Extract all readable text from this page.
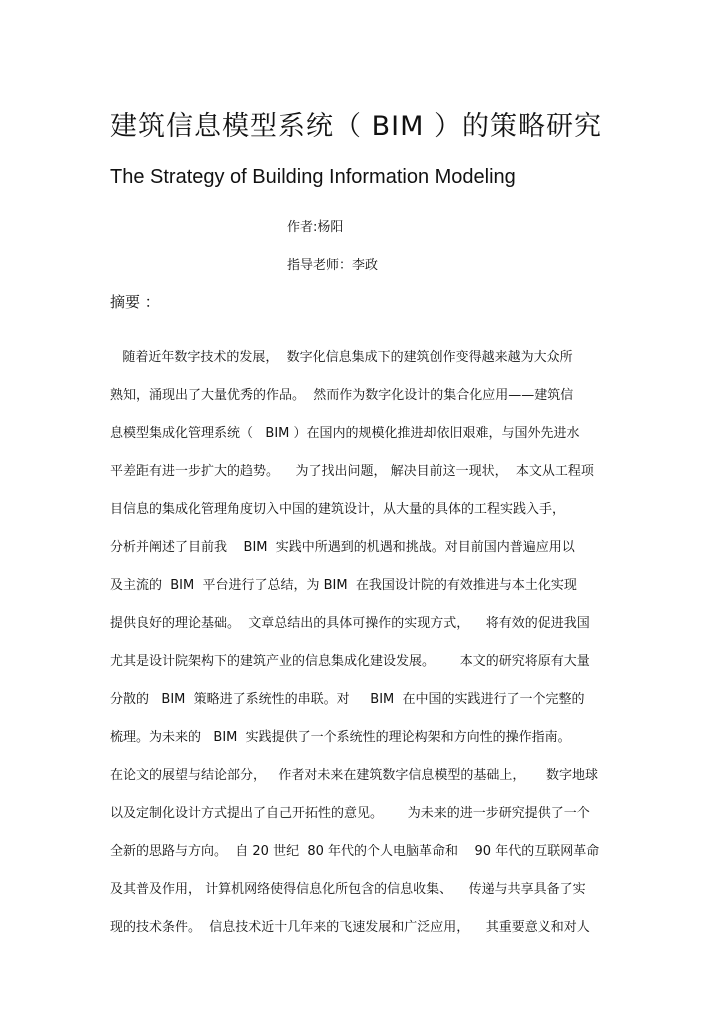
建筑信息模型系统（ BIM ）的策略研究
The Strategy of Building Information Modeling
作者:杨阳
指导老师：李政
摘要 ：
随着近年数字技术的发展，  数字化信息集成下的建筑创作变得越来越为大众所
熟知，涌现出了大量优秀的作品。  然而作为数字化设计的集合化应用——建筑信
息模型集成化管理系统（   BIM ）在国内的规模化推进却依旧艰难，与国外先进水
平差距有进一步扩大的趋势。    为了找出问题， 解决目前这一现状，  本文从工程项
目信息的集成化管理角度切入中国的建筑设计，从大量的具体的工程实践入手，
分析并阐述了目前我    BIM  实践中所遇到的机遇和挑战。对目前国内普遍应用以
及主流的  BIM  平台进行了总结，为 BIM  在我国设计院的有效推进与本土化实现
提供良好的理论基础。  文章总结出的具体可操作的实现方式，    将有效的促进我国
尤其是设计院架构下的建筑产业的信息集成化建设发展。      本文的研究将原有大量
分散的   BIM  策略进了系统性的串联。对     BIM  在中国的实践进行了一个完整的
梳理。为未来的   BIM  实践提供了一个系统性的理论构架和方向性的操作指南。
在论文的展望与结论部分，   作者对未来在建筑数字信息模型的基础上，     数字地球
以及定制化设计方式提出了自己开拓性的意见。      为未来的进一步研究提供了一个
全新的思路与方向。  自 20 世纪  80 年代的个人电脑革命和    90 年代的互联网革命
及其普及作用， 计算机网络使得信息化所包含的信息收集、    传递与共享具备了实
现的技术条件。  信息技术近十几年来的飞速发展和广泛应用，    其重要意义和对人
